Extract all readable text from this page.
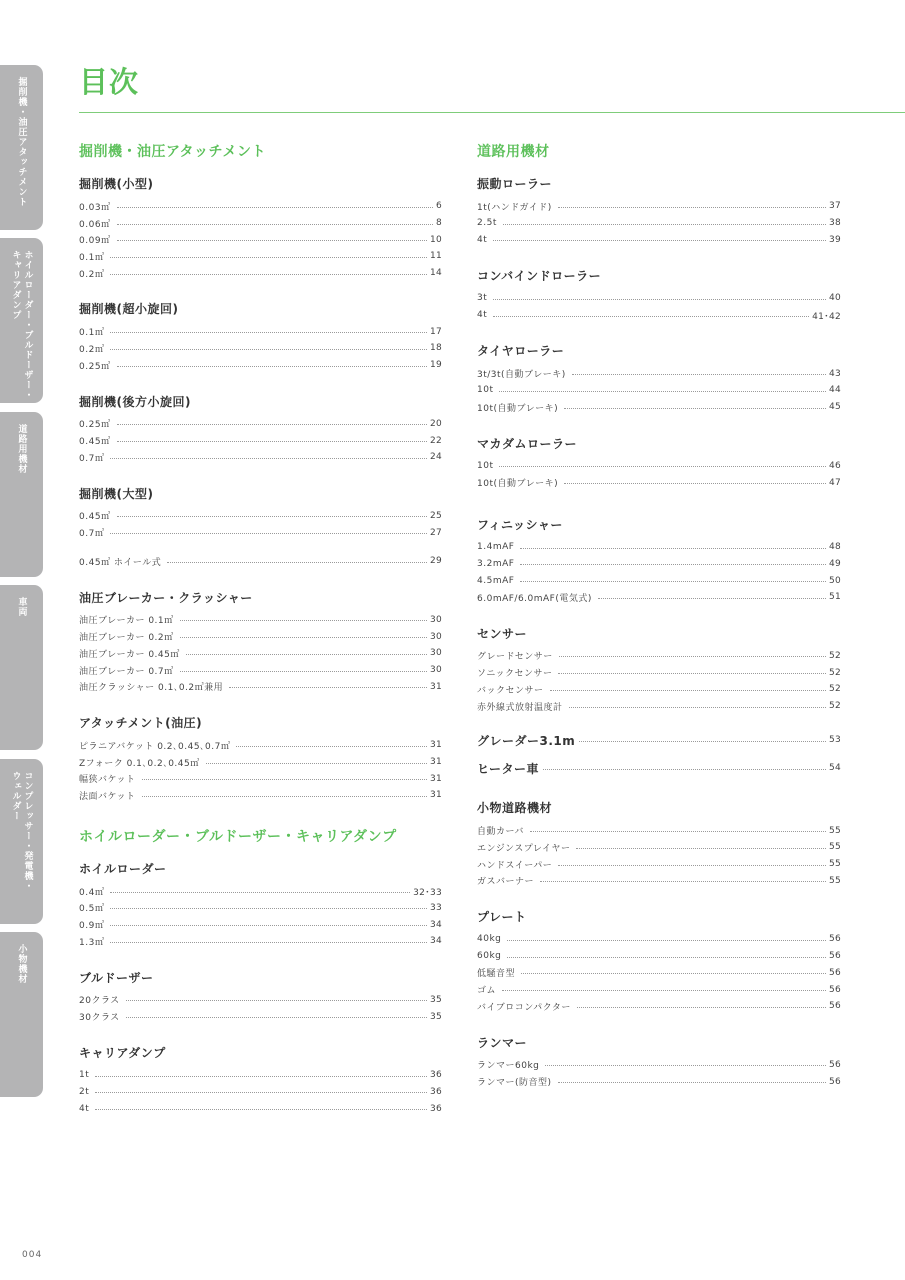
掘削機・油圧アタッチメント
ホイルローダー・ブルドーザー・
キャリアダンプ
道路用機材
車両
コンプレッサー・発電機・
ウェルダー
小物機材
目次
掘削機・油圧アタッチメント
掘削機(小型)
0.03㎥	6
0.06㎥	8
0.09㎥	10
0.1㎥	11
0.2㎥	14
掘削機(超小旋回)
0.1㎥	17
0.2㎥	18
0.25㎥	19
掘削機(後方小旋回)
0.25㎥	20
0.45㎥	22
0.7㎥	24
掘削機(大型)
0.45㎥	25
0.7㎥	27
0.45㎥ ホイール式	29
油圧ブレーカー・クラッシャー
油圧ブレーカー 0.1㎥	30
油圧ブレーカー 0.2㎥	30
油圧ブレーカー 0.45㎥	30
油圧ブレーカー 0.7㎥	30
油圧クラッシャー 0.1､0.2㎥兼用	31
アタッチメント(油圧)
ピラニアバケット 0.2､0.45､0.7㎥	31
Zフォーク 0.1､0.2､0.45㎥	31
幅狭バケット	31
法面バケット	31
ホイルローダー・ブルドーザー・キャリアダンプ
ホイルローダー
0.4㎥	32･33
0.5㎥	33
0.9㎥	34
1.3㎥	34
ブルドーザー
20クラス	35
30クラス	35
キャリアダンプ
1t	36
2t	36
4t	36
道路用機材
振動ローラー
1t(ハンドガイド)	37
2.5t	38
4t	39
コンバインドローラー
3t	40
4t	41･42
タイヤローラー
3t/3t(自動ブレーキ)	43
10t	44
10t(自動ブレーキ)	45
マカダムローラー
10t	46
10t(自動ブレーキ)	47
フィニッシャー
1.4mAF	48
3.2mAF	49
4.5mAF	50
6.0mAF/6.0mAF(電気式)	51
センサー
グレードセンサー	52
ソニックセンサー	52
バックセンサー	52
赤外線式放射温度計	52
グレーダー3.1m	53
ヒーター車	54
小物道路機材
自動カーバ	55
エンジンスプレイヤー	55
ハンドスイーパー	55
ガスバーナー	55
プレート
40kg	56
60kg	56
低騒音型	56
ゴム	56
バイブロコンパクター	56
ランマー
ランマー60kg	56
ランマー(防音型)	56
004
